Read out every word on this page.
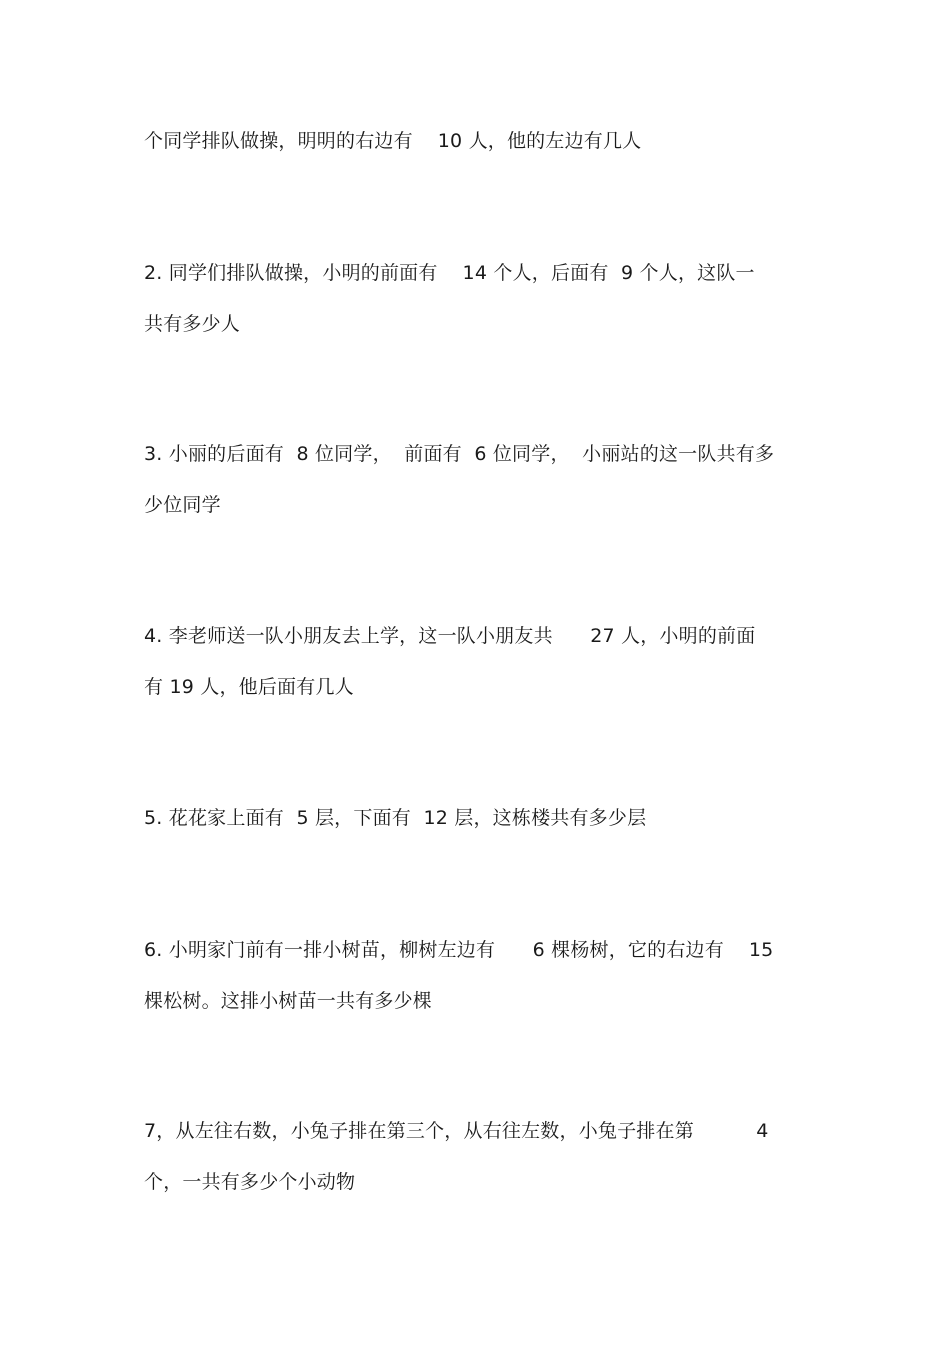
个同学排队做操，明明的右边有    10 人，他的左边有几人
2. 同学们排队做操，小明的前面有    14 个人，后面有  9 个人，这队一
共有多少人
3. 小丽的后面有  8 位同学，  前面有  6 位同学，  小丽站的这一队共有多
少位同学
4. 李老师送一队小朋友去上学，这一队小朋友共      27 人，小明的前面
有 19 人，他后面有几人
5. 花花家上面有  5 层，下面有  12 层，这栋楼共有多少层
6. 小明家门前有一排小树苗，柳树左边有      6 棵杨树，它的右边有    15
棵松树。这排小树苗一共有多少棵
7，从左往右数，小兔子排在第三个，从右往左数，小兔子排在第          4
个，一共有多少个小动物
